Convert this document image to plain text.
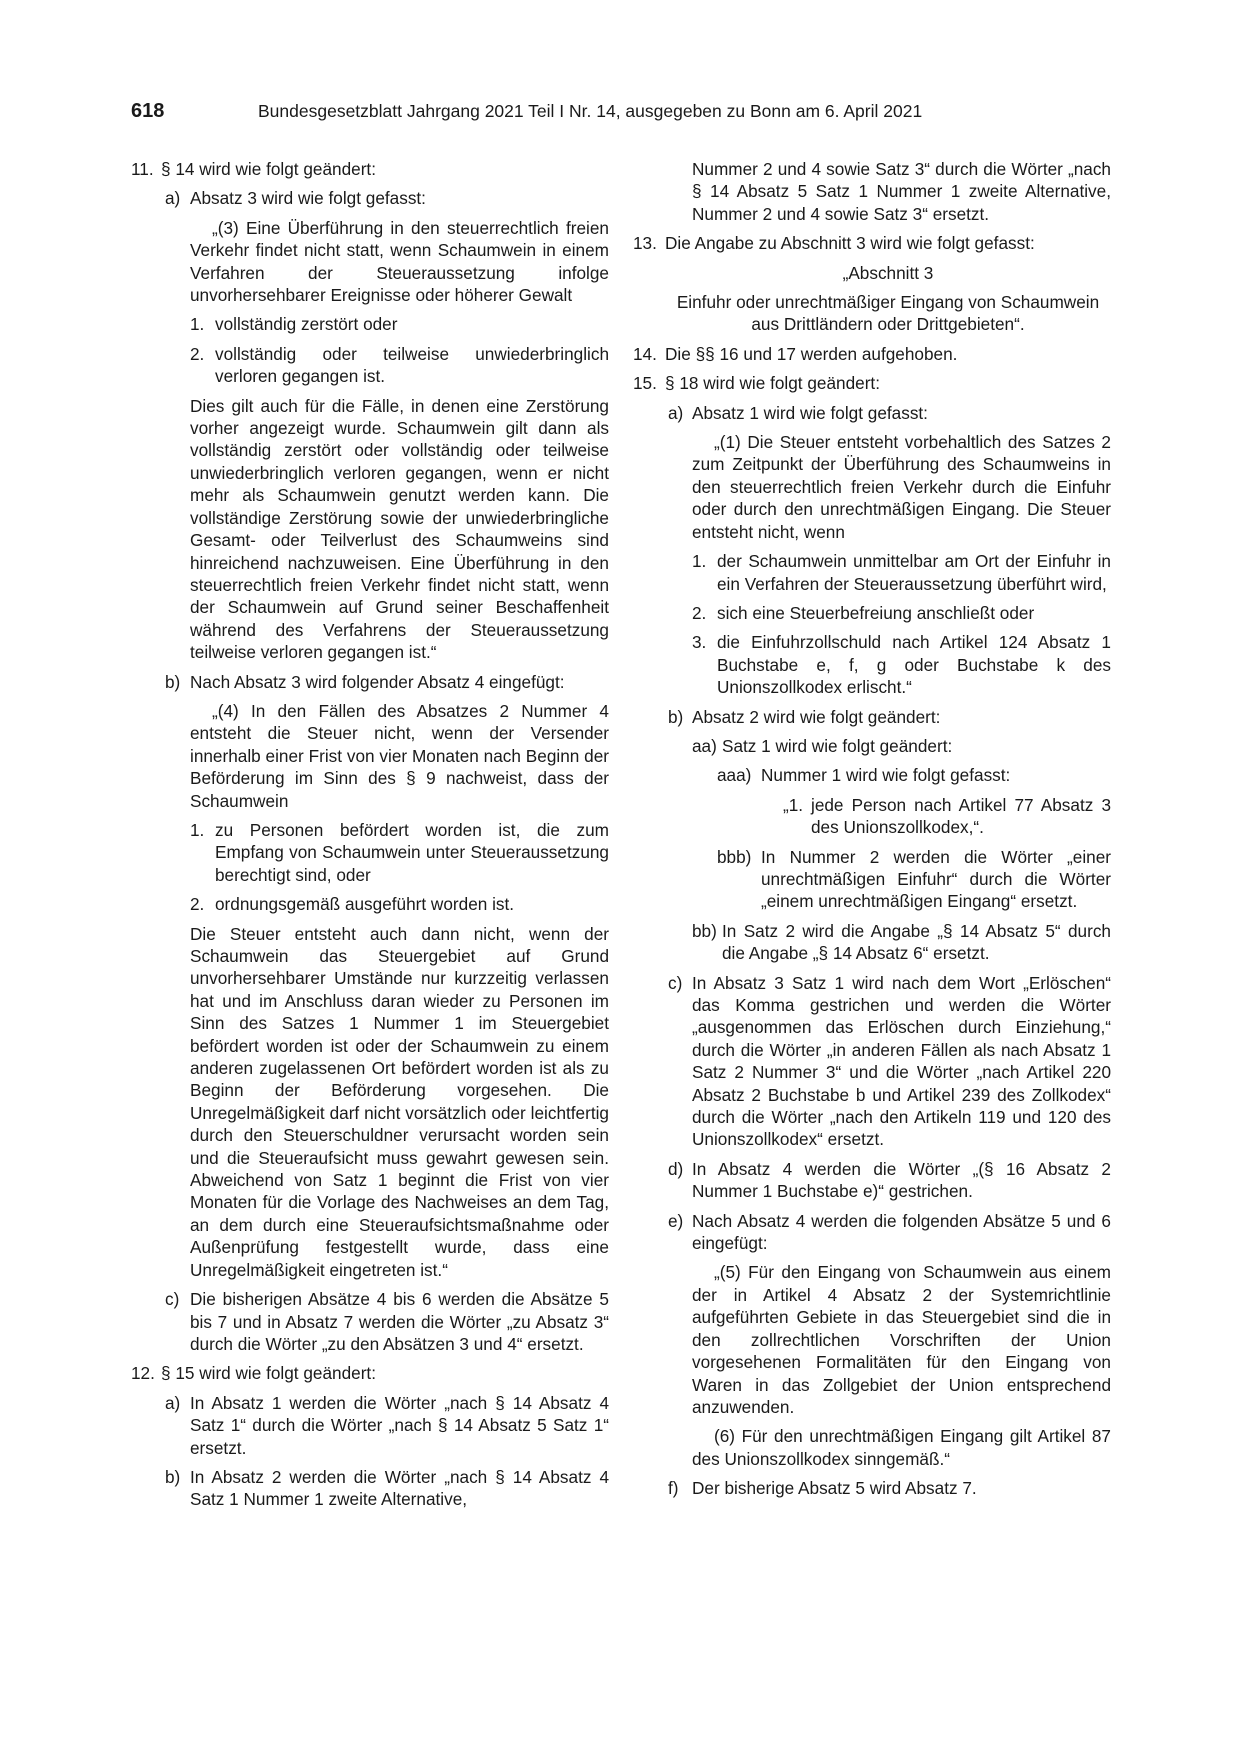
618	Bundesgesetzblatt Jahrgang 2021 Teil I Nr. 14, ausgegeben zu Bonn am 6. April 2021
11. § 14 wird wie folgt geändert:
a) Absatz 3 wird wie folgt gefasst:
„(3) Eine Überführung in den steuerrechtlich freien Verkehr findet nicht statt, wenn Schaumwein in einem Verfahren der Steueraussetzung infolge unvorhersehbarer Ereignisse oder höherer Gewalt
1. vollständig zerstört oder
2. vollständig oder teilweise unwiederbringlich verloren gegangen ist.
Dies gilt auch für die Fälle, in denen eine Zerstörung vorher angezeigt wurde. Schaumwein gilt dann als vollständig zerstört oder vollständig oder teilweise unwiederbringlich verloren gegangen, wenn er nicht mehr als Schaumwein genutzt werden kann. Die vollständige Zerstörung sowie der unwiederbringliche Gesamt- oder Teilverlust des Schaumweins sind hinreichend nachzuweisen. Eine Überführung in den steuerrechtlich freien Verkehr findet nicht statt, wenn der Schaumwein auf Grund seiner Beschaffenheit während des Verfahrens der Steueraussetzung teilweise verloren gegangen ist.“
b) Nach Absatz 3 wird folgender Absatz 4 eingefügt:
„(4) In den Fällen des Absatzes 2 Nummer 4 entsteht die Steuer nicht, wenn der Versender innerhalb einer Frist von vier Monaten nach Beginn der Beförderung im Sinn des § 9 nachweist, dass der Schaumwein
1. zu Personen befördert worden ist, die zum Empfang von Schaumwein unter Steueraussetzung berechtigt sind, oder
2. ordnungsgemäß ausgeführt worden ist.
Die Steuer entsteht auch dann nicht, wenn der Schaumwein das Steuergebiet auf Grund unvorhersehbarer Umstände nur kurzzeitig verlassen hat und im Anschluss daran wieder zu Personen im Sinn des Satzes 1 Nummer 1 im Steuergebiet befördert worden ist oder der Schaumwein zu einem anderen zugelassenen Ort befördert worden ist als zu Beginn der Beförderung vorgesehen. Die Unregelmäßigkeit darf nicht vorsätzlich oder leichtfertig durch den Steuerschuldner verursacht worden sein und die Steueraufsicht muss gewahrt gewesen sein. Abweichend von Satz 1 beginnt die Frist von vier Monaten für die Vorlage des Nachweises an dem Tag, an dem durch eine Steueraufsichtsmaßnahme oder Außenprüfung festgestellt wurde, dass eine Unregelmäßigkeit eingetreten ist.“
c) Die bisherigen Absätze 4 bis 6 werden die Absätze 5 bis 7 und in Absatz 7 werden die Wörter „zu Absatz 3“ durch die Wörter „zu den Absätzen 3 und 4“ ersetzt.
12. § 15 wird wie folgt geändert:
a) In Absatz 1 werden die Wörter „nach § 14 Absatz 4 Satz 1“ durch die Wörter „nach § 14 Absatz 5 Satz 1“ ersetzt.
b) In Absatz 2 werden die Wörter „nach § 14 Absatz 4 Satz 1 Nummer 1 zweite Alternative,
Nummer 2 und 4 sowie Satz 3“ durch die Wörter „nach § 14 Absatz 5 Satz 1 Nummer 1 zweite Alternative, Nummer 2 und 4 sowie Satz 3“ ersetzt.
13. Die Angabe zu Abschnitt 3 wird wie folgt gefasst:
„Abschnitt 3
Einfuhr oder unrechtmäßiger Eingang von Schaumwein aus Drittländern oder Drittgebieten“.
14. Die §§ 16 und 17 werden aufgehoben.
15. § 18 wird wie folgt geändert:
a) Absatz 1 wird wie folgt gefasst:
„(1) Die Steuer entsteht vorbehaltlich des Satzes 2 zum Zeitpunkt der Überführung des Schaumweins in den steuerrechtlich freien Verkehr durch die Einfuhr oder durch den unrechtmäßigen Eingang. Die Steuer entsteht nicht, wenn
1. der Schaumwein unmittelbar am Ort der Einfuhr in ein Verfahren der Steueraussetzung überführt wird,
2. sich eine Steuerbefreiung anschließt oder
3. die Einfuhrzollschuld nach Artikel 124 Absatz 1 Buchstabe e, f, g oder Buchstabe k des Unionszollkodex erlischt.“
b) Absatz 2 wird wie folgt geändert:
aa) Satz 1 wird wie folgt geändert:
aaa) Nummer 1 wird wie folgt gefasst:
„1. jede Person nach Artikel 77 Absatz 3 des Unionszollkodex,“.
bbb) In Nummer 2 werden die Wörter „einer unrechtmäßigen Einfuhr“ durch die Wörter „einem unrechtmäßigen Eingang“ ersetzt.
bb) In Satz 2 wird die Angabe „§ 14 Absatz 5“ durch die Angabe „§ 14 Absatz 6“ ersetzt.
c) In Absatz 3 Satz 1 wird nach dem Wort „Erlöschen“ das Komma gestrichen und werden die Wörter „ausgenommen das Erlöschen durch Einziehung,“ durch die Wörter „in anderen Fällen als nach Absatz 1 Satz 2 Nummer 3“ und die Wörter „nach Artikel 220 Absatz 2 Buchstabe b und Artikel 239 des Zollkodex“ durch die Wörter „nach den Artikeln 119 und 120 des Unionszollkodex“ ersetzt.
d) In Absatz 4 werden die Wörter „(§ 16 Absatz 2 Nummer 1 Buchstabe e)“ gestrichen.
e) Nach Absatz 4 werden die folgenden Absätze 5 und 6 eingefügt:
„(5) Für den Eingang von Schaumwein aus einem der in Artikel 4 Absatz 2 der Systemrichtlinie aufgeführten Gebiete in das Steuergebiet sind die in den zollrechtlichen Vorschriften der Union vorgesehenen Formalitäten für den Eingang von Waren in das Zollgebiet der Union entsprechend anzuwenden.
(6) Für den unrechtmäßigen Eingang gilt Artikel 87 des Unionszollkodex sinngemäß.“
f) Der bisherige Absatz 5 wird Absatz 7.
